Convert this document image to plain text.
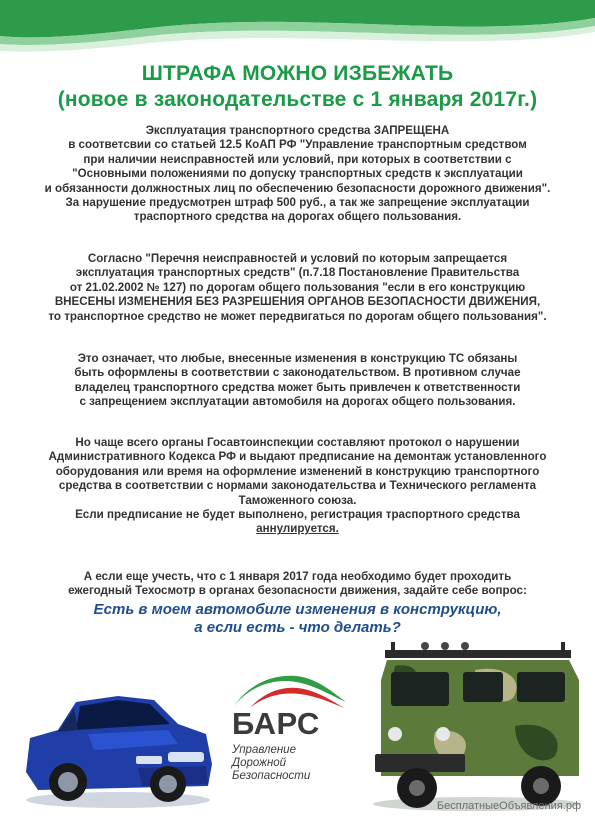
ШТРАФА МОЖНО ИЗБЕЖАТЬ
(новое в законодательстве с 1 января 2017г.)

Эксплуатация транспортного средства ЗАПРЕЩЕНА
в соответсвии со статьей 12.5 КоАП РФ "Управление транспортным средством
при наличии неисправностей или условий, при которых в соответствии с
"Основными положениями по допуску транспортных средств к эксплуатации
и обязанности должностных лиц по обеспечению безопасности дорожного движения".
За нарушение предусмотрен штраф 500 руб., а так же запрещение эксплуатации
траспортного средства на дорогах общего пользования.

Согласно "Перечня неисправностей и условий по которым запрещается
эксплуатация транспортных средств" (п.7.18 Постановление Правительства
от 21.02.2002 № 127) по дорогам общего пользования "если в его конструкцию
ВНЕСЕНЫ ИЗМЕНЕНИЯ БЕЗ РАЗРЕШЕНИЯ ОРГАНОВ БЕЗОПАСНОСТИ ДВИЖЕНИЯ,
то транспортное средство не может передвигаться по дорогам общего пользования".

Это означает, что любые, внесенные изменения в конструкцию ТС обязаны
быть оформлены в соответствии с законодательством. В противном случае
владелец транспортного средства может быть привлечен к ответственности
с запрещением эксплуатации автомобиля на дорогах общего пользования.

Но чаще всего органы Госавтоинспекции составляют протокол о нарушении
Административного Кодекса РФ и выдают предписание на демонтаж установленного
оборудования или время на оформление изменений в конструкцию транспортного
средства в соответствии с нормами законодательства и Технического регламента
Таможенного союза.
Если предписание не будет выполнено, регистрация траспортного средства
аннулируется.

А если еще учесть, что с 1 января 2017 года необходимо будет проходить
ежегодный Техосмотр в органах безопасности движения, задайте себе вопрос:

Есть в моем автомобиле изменения в конструкцию,
а если есть - что делать?

БАРС
Управление
Дорожной
Безопасности
БесплатныеОбъявления.рф
